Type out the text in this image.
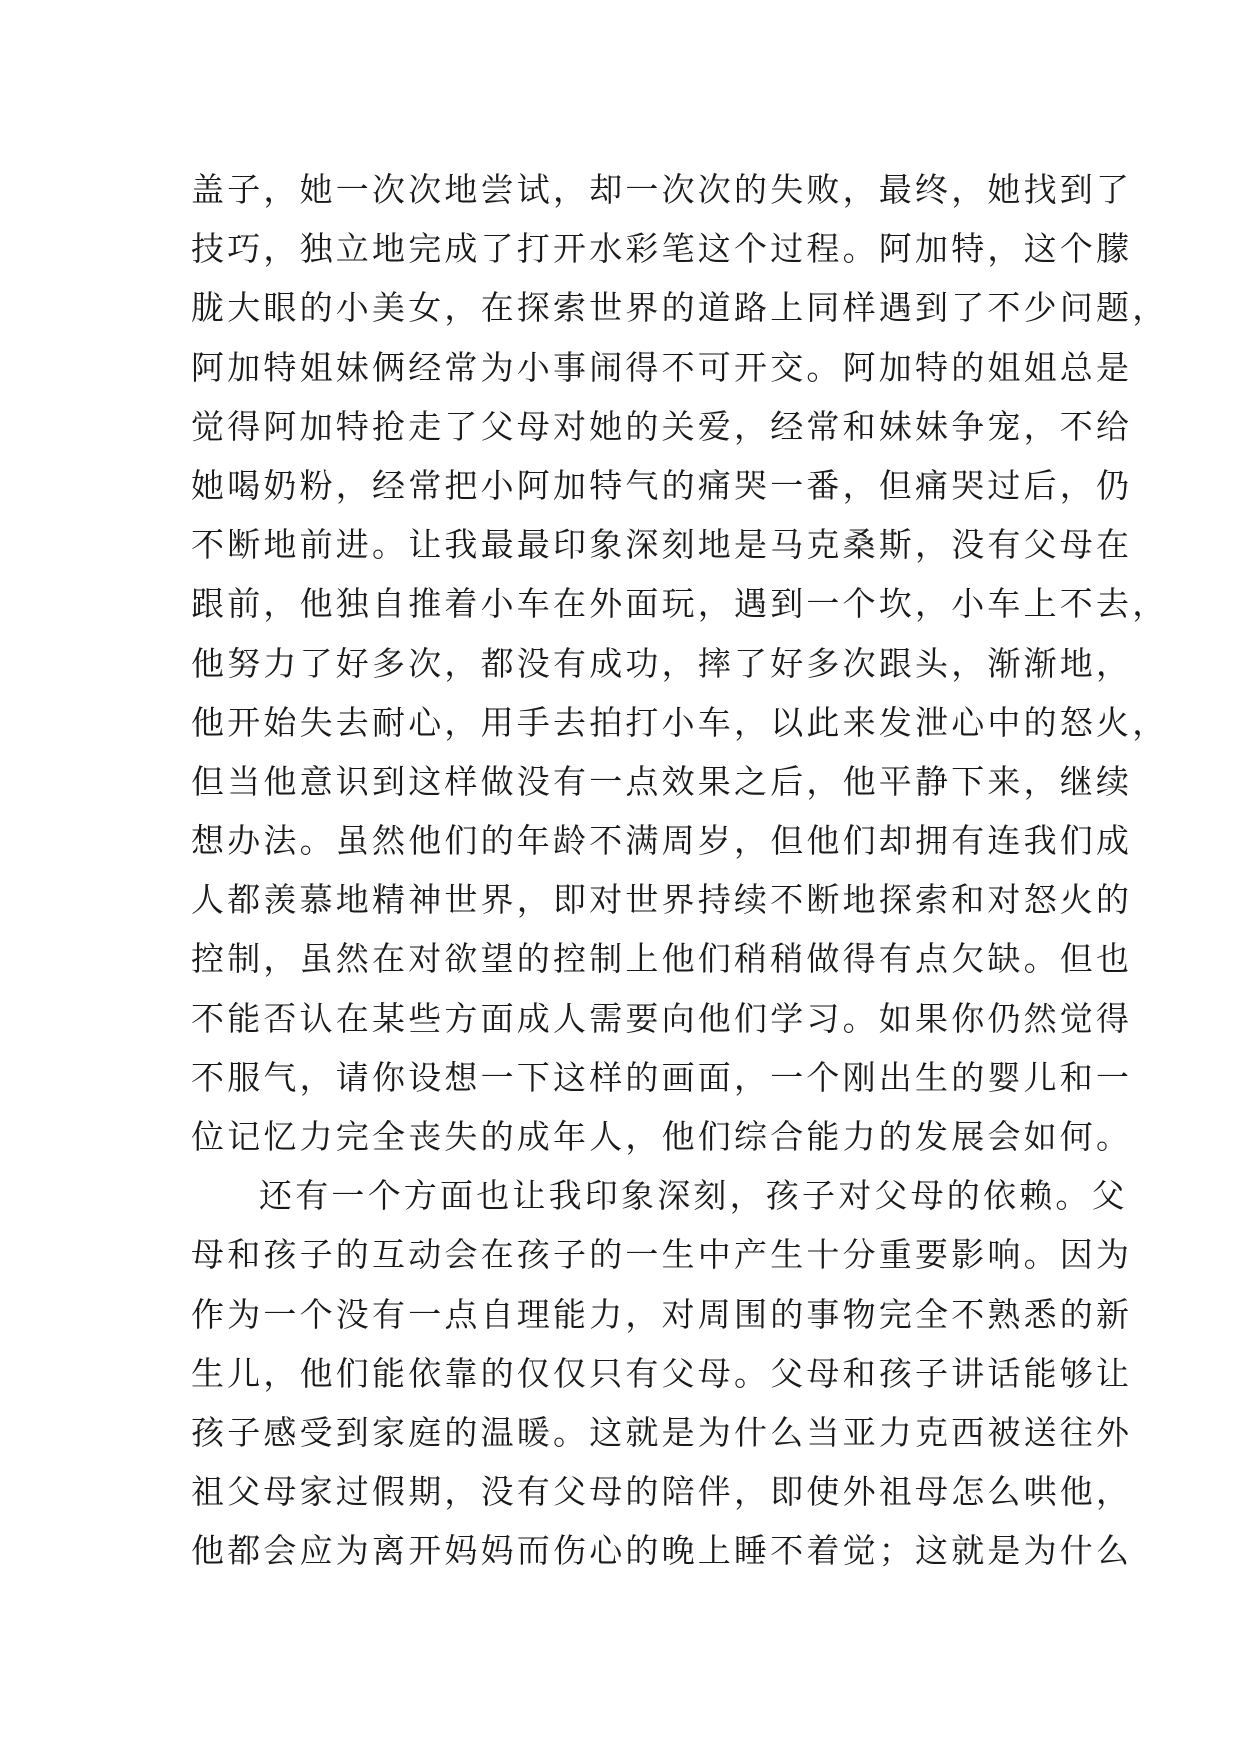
盖子，她一次次地尝试，却一次次的失败，最终，她找到了
技巧，独立地完成了打开水彩笔这个过程。阿加特，这个朦
胧大眼的小美女，在探索世界的道路上同样遇到了不少问题，
阿加特姐妹俩经常为小事闹得不可开交。阿加特的姐姐总是
觉得阿加特抢走了父母对她的关爱，经常和妹妹争宠，不给
她喝奶粉，经常把小阿加特气的痛哭一番，但痛哭过后，仍
不断地前进。让我最最印象深刻地是马克桑斯，没有父母在
跟前，他独自推着小车在外面玩，遇到一个坎，小车上不去，
他努力了好多次，都没有成功，摔了好多次跟头，渐渐地，
他开始失去耐心，用手去拍打小车，以此来发泄心中的怒火，
但当他意识到这样做没有一点效果之后，他平静下来，继续
想办法。虽然他们的年龄不满周岁，但他们却拥有连我们成
人都羡慕地精神世界，即对世界持续不断地探索和对怒火的
控制，虽然在对欲望的控制上他们稍稍做得有点欠缺。但也
不能否认在某些方面成人需要向他们学习。如果你仍然觉得
不服气，请你设想一下这样的画面，一个刚出生的婴儿和一
位记忆力完全丧失的成年人，他们综合能力的发展会如何。
还有一个方面也让我印象深刻，孩子对父母的依赖。父
母和孩子的互动会在孩子的一生中产生十分重要影响。因为
作为一个没有一点自理能力，对周围的事物完全不熟悉的新
生儿，他们能依靠的仅仅只有父母。父母和孩子讲话能够让
孩子感受到家庭的温暖。这就是为什么当亚力克西被送往外
祖父母家过假期，没有父母的陪伴，即使外祖母怎么哄他，
他都会应为离开妈妈而伤心的晚上睡不着觉；这就是为什么
